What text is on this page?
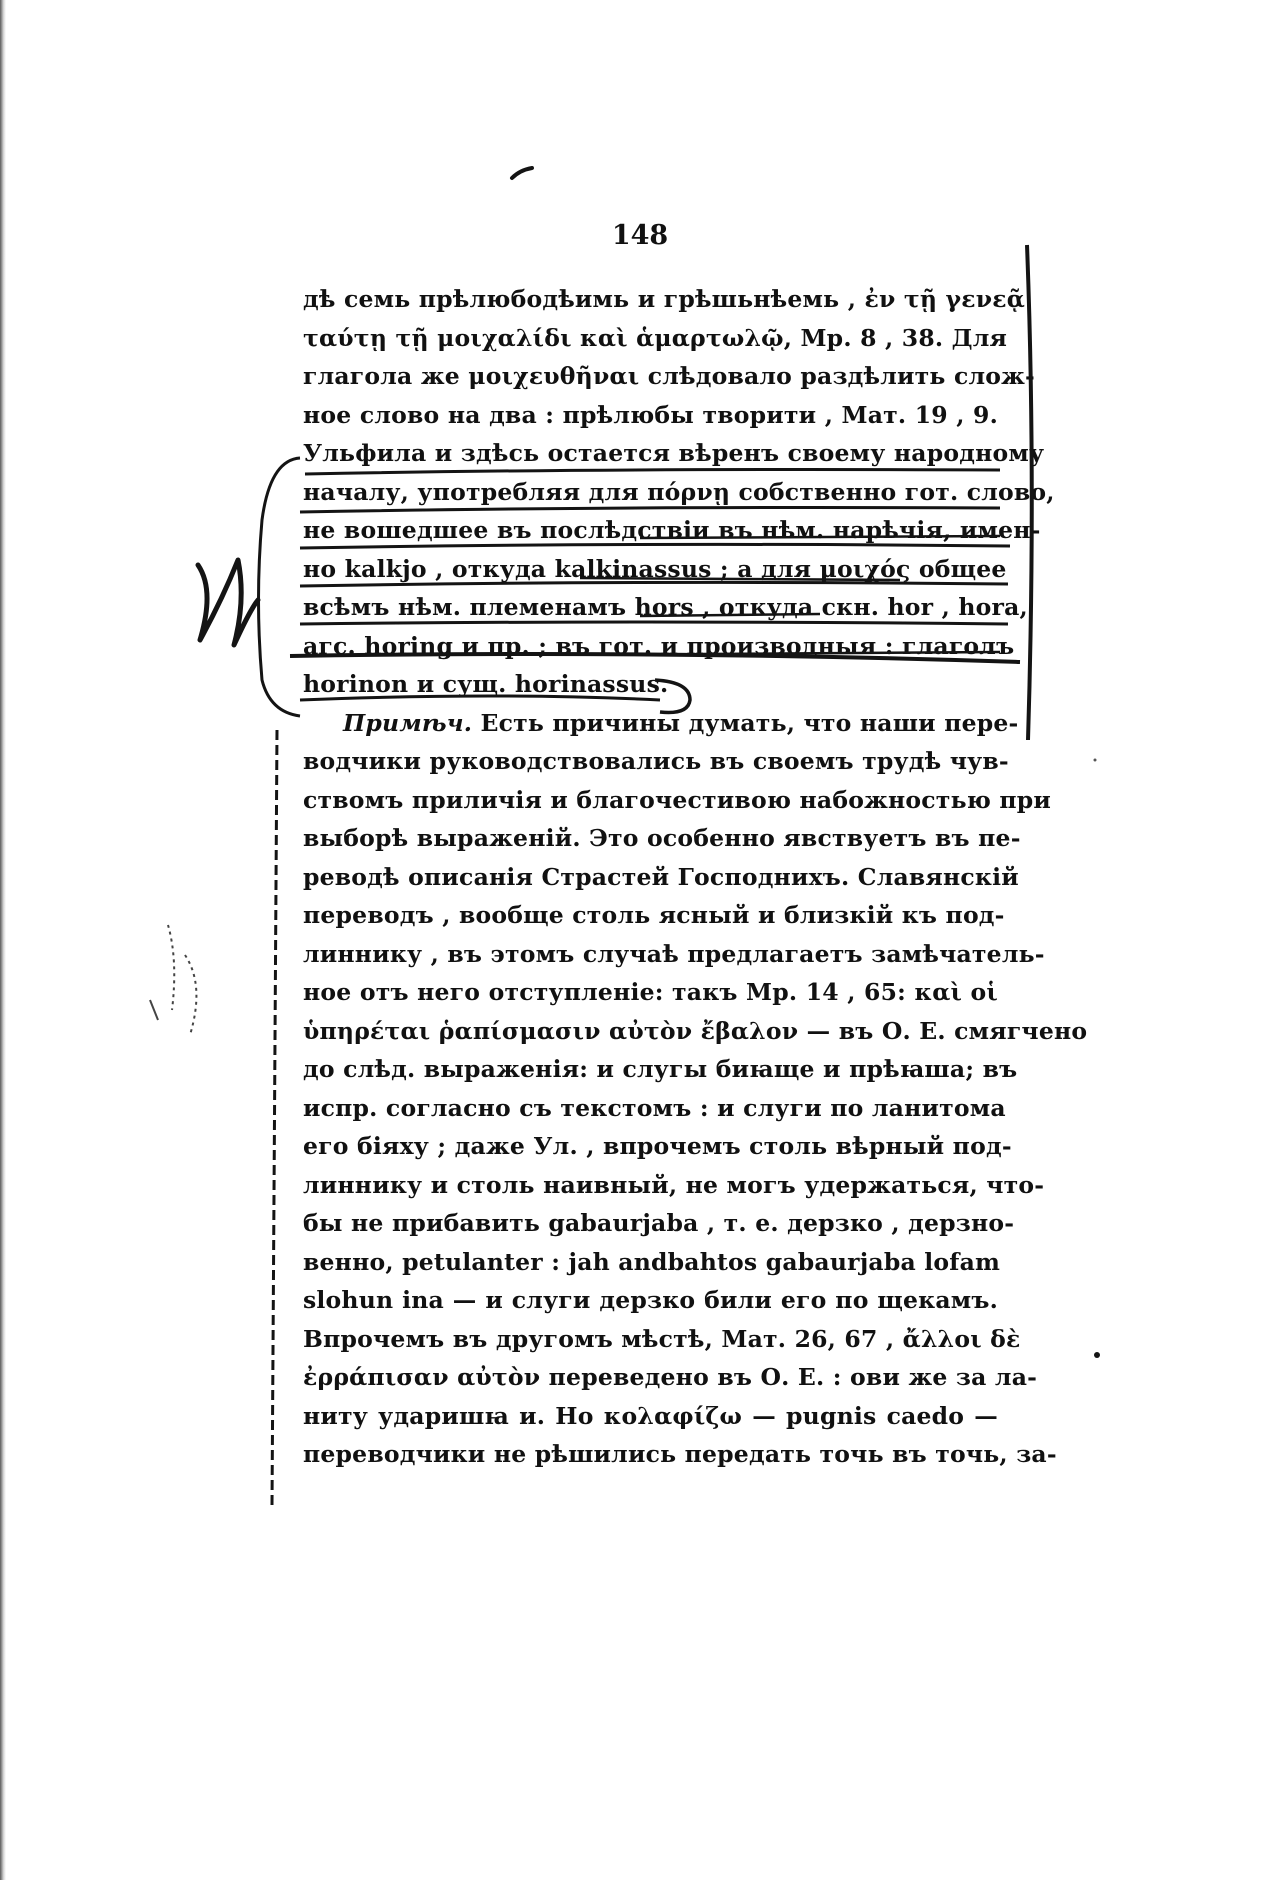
148
дѣ семь прѣлюбодѣимь и грѣшьнѣемь , ἐν τῇ γενεᾷ
ταύτῃ τῇ μοιχαλίδι καὶ ἁμαρτωλῷ, Мр. 8 , 38. Для
глагола же μοιχευθῆναι слѣдовало раздѣлить слож-
ное слово на два : прѣлюбы творити , Мат. 19 , 9.
Ульфила и здѣсь остается вѣренъ своему народному
началу, употребляя для πόρνῃ собственно гот. слово,
не вошедшее въ послѣдствіи въ нѣм. нарѣчія, имен-
но kalkjo , откуда kalkinassus ; а для μοιχός общее
всѣмъ нѣм. племенамъ hors , откуда скн. hor , hora,
агс. horing и пр. ; въ гот. и производныя : глаголъ
horinon и сущ. horinassus.
Примѣч. Есть причины думать, что наши пере-
водчики руководствовались въ своемъ трудѣ чув-
ствомъ приличія и благочестивою набожностью при
выборѣ выраженій. Это особенно явствуетъ въ пе-
реводѣ описанія Страстей Господнихъ. Славянскій
переводъ , вообще столь ясный и близкій къ под-
линнику , въ этомъ случаѣ предлагаетъ замѣчатель-
ное отъ него отступленіе: такъ Мр. 14 , 65: καὶ οἱ
ὑπηρέται ῥαπίσμασιν αὐτὸν ἔβαλον — въ О. Е. смягчено
до слѣд. выраженія: и слугы биꙗще и прѣꙗша; въ
испр. согласно съ текстомъ : и слуги по ланитома
его біяху ; даже Ул. , впрочемъ столь вѣрный под-
линнику и столь наивный, не могъ удержаться, что-
бы не прибавить gabaurjaba , т. е. дерзко , дерзно-
венно, petulanter : jah andbahtos gabaurjaba lofam
slohun ina — и слуги дерзко били его по щекамъ.
Впрочемъ въ другомъ мѣстѣ, Мат. 26, 67 , ἄλλοι δὲ
ἐρράπισαν αὐτὸν переведено въ О. Е. : ови же за ла-
ниту ударишꙗ и. Но κολαφίζω — pugnis caedo —
переводчики не рѣшились передать точь въ точь, за-
